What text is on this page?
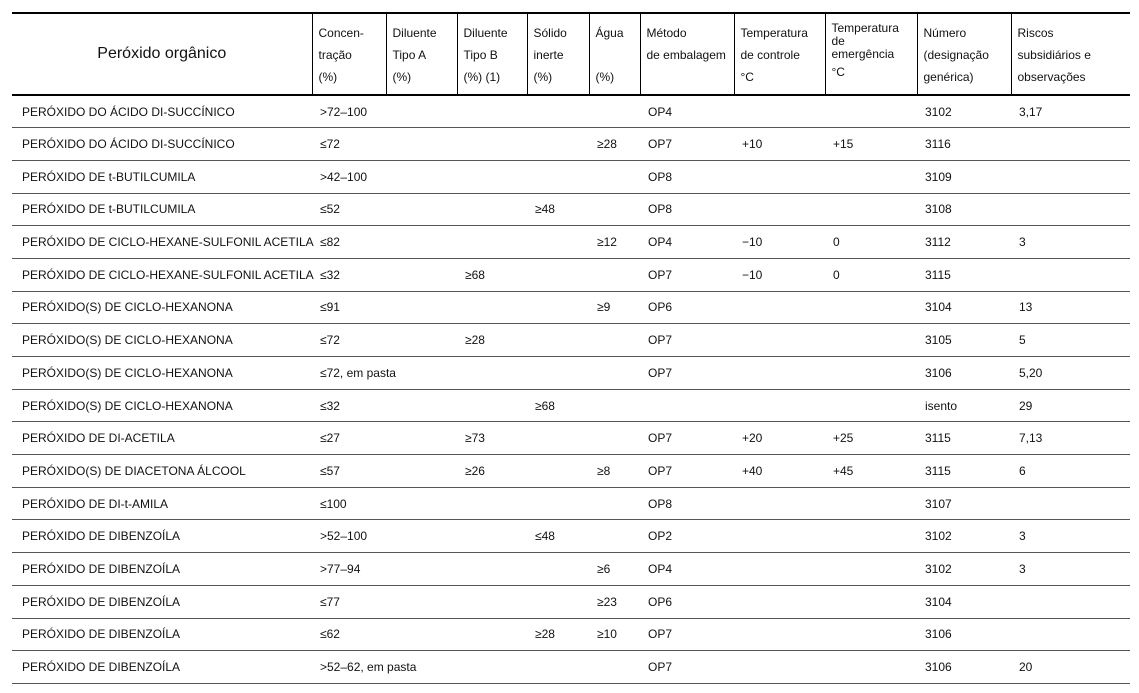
Peróxido orgânico	Concen-
tração
(%)	Diluente
Tipo A
(%)	Diluente
Tipo B
(%) (1)	Sólido
inerte
(%)	Água
(%)	Método
de embalagem	Temperatura
de controle
°C	Temperatura
de
emergência
°C	Número
(designação
genérica)	Riscos
subsidiários e
observações

PERÓXIDO DO ÁCIDO DI-SUCCÍNICO	>72–100					OP4			3102	3,17
PERÓXIDO DO ÁCIDO DI-SUCCÍNICO	≤72				≥28	OP7	+10	+15	3116	
PERÓXIDO DE t-BUTILCUMILA	>42–100					OP8			3109	
PERÓXIDO DE t-BUTILCUMILA	≤52			≥48		OP8			3108	
PERÓXIDO DE CICLO-HEXANE-SULFONIL ACETILA	≤82				≥12	OP4	−10	0	3112	3
PERÓXIDO DE CICLO-HEXANE-SULFONIL ACETILA	≤32		≥68			OP7	−10	0	3115	
PERÓXIDO(S) DE CICLO-HEXANONA	≤91				≥9	OP6			3104	13
PERÓXIDO(S) DE CICLO-HEXANONA	≤72		≥28			OP7			3105	5
PERÓXIDO(S) DE CICLO-HEXANONA	≤72, em pasta					OP7			3106	5,20
PERÓXIDO(S) DE CICLO-HEXANONA	≤32			≥68					isento	29
PERÓXIDO DE DI-ACETILA	≤27		≥73			OP7	+20	+25	3115	7,13
PERÓXIDO(S) DE DIACETONA ÁLCOOL	≤57		≥26		≥8	OP7	+40	+45	3115	6
PERÓXIDO DE DI-t-AMILA	≤100					OP8			3107	
PERÓXIDO DE DIBENZOÍLA	>52–100			≤48		OP2			3102	3
PERÓXIDO DE DIBENZOÍLA	>77–94				≥6	OP4			3102	3
PERÓXIDO DE DIBENZOÍLA	≤77				≥23	OP6			3104	
PERÓXIDO DE DIBENZOÍLA	≤62			≥28	≥10	OP7			3106	
PERÓXIDO DE DIBENZOÍLA	>52–62, em pasta					OP7			3106	20
